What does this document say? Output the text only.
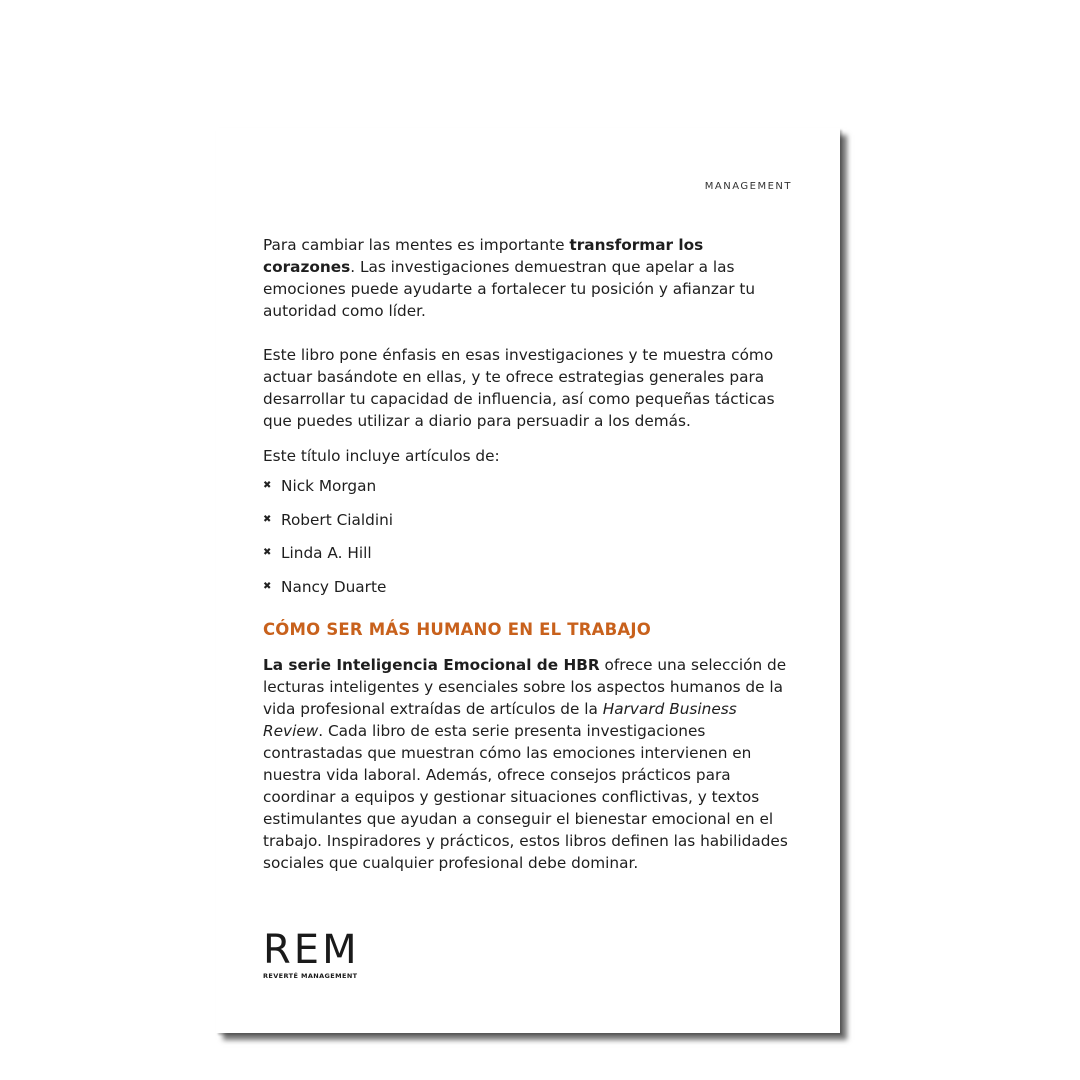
MANAGEMENT

Para cambiar las mentes es importante transformar los corazones. Las investigaciones demuestran que apelar a las emociones puede ayudarte a fortalecer tu posición y afianzar tu autoridad como líder.

Este libro pone énfasis en esas investigaciones y te muestra cómo actuar basándote en ellas, y te ofrece estrategias generales para desarrollar tu capacidad de influencia, así como pequeñas tácticas que puedes utilizar a diario para persuadir a los demás.

Este título incluye artículos de:

✖ Nick Morgan
✖ Robert Cialdini
✖ Linda A. Hill
✖ Nancy Duarte
CÓMO SER MÁS HUMANO EN EL TRABAJO

La serie Inteligencia Emocional de HBR ofrece una selección de lecturas inteligentes y esenciales sobre los aspectos humanos de la vida profesional extraídas de artículos de la Harvard Business Review. Cada libro de esta serie presenta investigaciones contrastadas que muestran cómo las emociones intervienen en nuestra vida laboral. Además, ofrece consejos prácticos para coordinar a equipos y gestionar situaciones conflictivas, y textos estimulantes que ayudan a conseguir el bienestar emocional en el trabajo. Inspiradores y prácticos, estos libros definen las habilidades sociales que cualquier profesional debe dominar.

REM
REVERTÉ MANAGEMENT
